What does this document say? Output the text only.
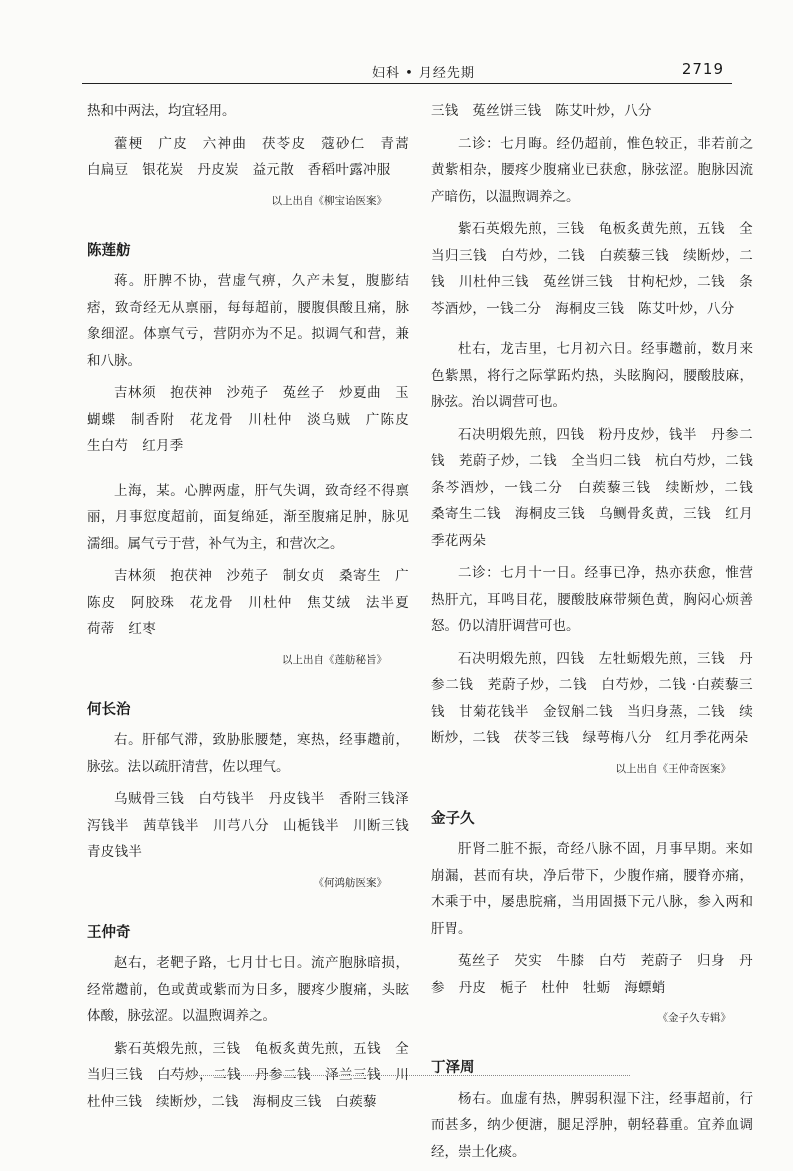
妇科 • 月经先期	2719

热和中两法，均宜轻用。

藿梗　广皮　六神曲　茯苓皮　蔻砂仁　青蒿　白扁豆　银花炭　丹皮炭　益元散　香稻叶露冲服

以上出自《柳宝诒医案》
陈莲舫

蒋。肝脾不协，营虚气痹，久产未复，腹膨结痞，致奇经无从禀丽，每每超前，腰腹俱酸且痛，脉象细涩。体禀气亏，营阴亦为不足。拟调气和营，兼和八脉。

吉林须　抱茯神　沙苑子　菟丝子　炒夏曲　玉蝴蝶　制香附　花龙骨　川杜仲　淡乌贼　广陈皮　生白芍　红月季

上海，某。心脾两虚，肝气失调，致奇经不得禀丽，月事愆度超前，面复绵延，渐至腹痛足肿，脉见濡细。属气亏于营，补气为主，和营次之。

吉林须　抱茯神　沙苑子　制女贞　桑寄生　广陈皮　阿胶珠　花龙骨　川杜仲　焦艾绒　法半夏　荷蒂　红枣

以上出自《莲舫秘旨》
何长治

右。肝郁气滞，致胁胀腰楚，寒热，经事趱前，脉弦。法以疏肝清营，佐以理气。

乌贼骨三钱　白芍钱半　丹皮钱半　香附三钱泽泻钱半　茜草钱半　川芎八分　山栀钱半　川断三钱　青皮钱半

《何鸿舫医案》
王仲奇

赵右，老靶子路，七月廿七日。流产胞脉暗损，经常趱前，色或黄或紫而为日多，腰疼少腹痛，头眩体酸，脉弦涩。以温煦调养之。

紫石英煅先煎，三钱　龟板炙黄先煎，五钱　全当归三钱　白芍炒，二钱　丹参二钱　泽兰三钱　川杜仲三钱　续断炒，二钱　海桐皮三钱　白蒺藜

三钱　菟丝饼三钱　陈艾叶炒，八分

二诊：七月晦。经仍超前，惟色较正，非若前之黄紫相杂，腰疼少腹痛业已获愈，脉弦涩。胞脉因流产暗伤，以温煦调养之。

紫石英煅先煎，三钱　龟板炙黄先煎，五钱　全当归三钱　白芍炒，二钱　白蒺藜三钱　续断炒，二钱　川杜仲三钱　菟丝饼三钱　甘枸杞炒，二钱　条芩酒炒，一钱二分　海桐皮三钱　陈艾叶炒，八分

杜右，龙吉里，七月初六日。经事趱前，数月来色紫黑，将行之际掌跖灼热，头眩胸闷，腰酸肢麻，脉弦。治以调营可也。

石决明煅先煎，四钱　粉丹皮炒，钱半　丹参二钱　茺蔚子炒，二钱　全当归二钱　杭白芍炒，二钱　条芩酒炒，一钱二分　白蒺藜三钱　续断炒，二钱　桑寄生二钱　海桐皮三钱　乌鲗骨炙黄，三钱　红月季花两朵

二诊：七月十一日。经事已净，热亦获愈，惟营热肝亢，耳鸣目花，腰酸肢麻带频色黄，胸闷心烦善怒。仍以清肝调营可也。

石决明煅先煎，四钱　左牡蛎煅先煎，三钱　丹参二钱　茺蔚子炒，二钱　白芍炒，二钱 ·白蒺藜三钱　甘菊花钱半　金钗斛二钱　当归身蒸，二钱　续断炒，二钱　茯苓三钱　绿萼梅八分　红月季花两朵

以上出自《王仲奇医案》
金子久

肝肾二脏不振，奇经八脉不固，月事早期。来如崩漏，甚而有块，净后带下，少腹作痛，腰脊亦痛，木乘于中，屡患脘痛，当用固摄下元八脉，参入两和肝胃。

菟丝子　芡实　牛膝　白芍　茺蔚子　归身　丹参　丹皮　栀子　杜仲　牡蛎　海螵蛸

《金子久专辑》
丁泽周

杨右。血虚有热，脾弱积湿下注，经事超前，行而甚多，纳少便溏，腿足浮肿，朝轻暮重。宜养血调经，崇土化痰。
